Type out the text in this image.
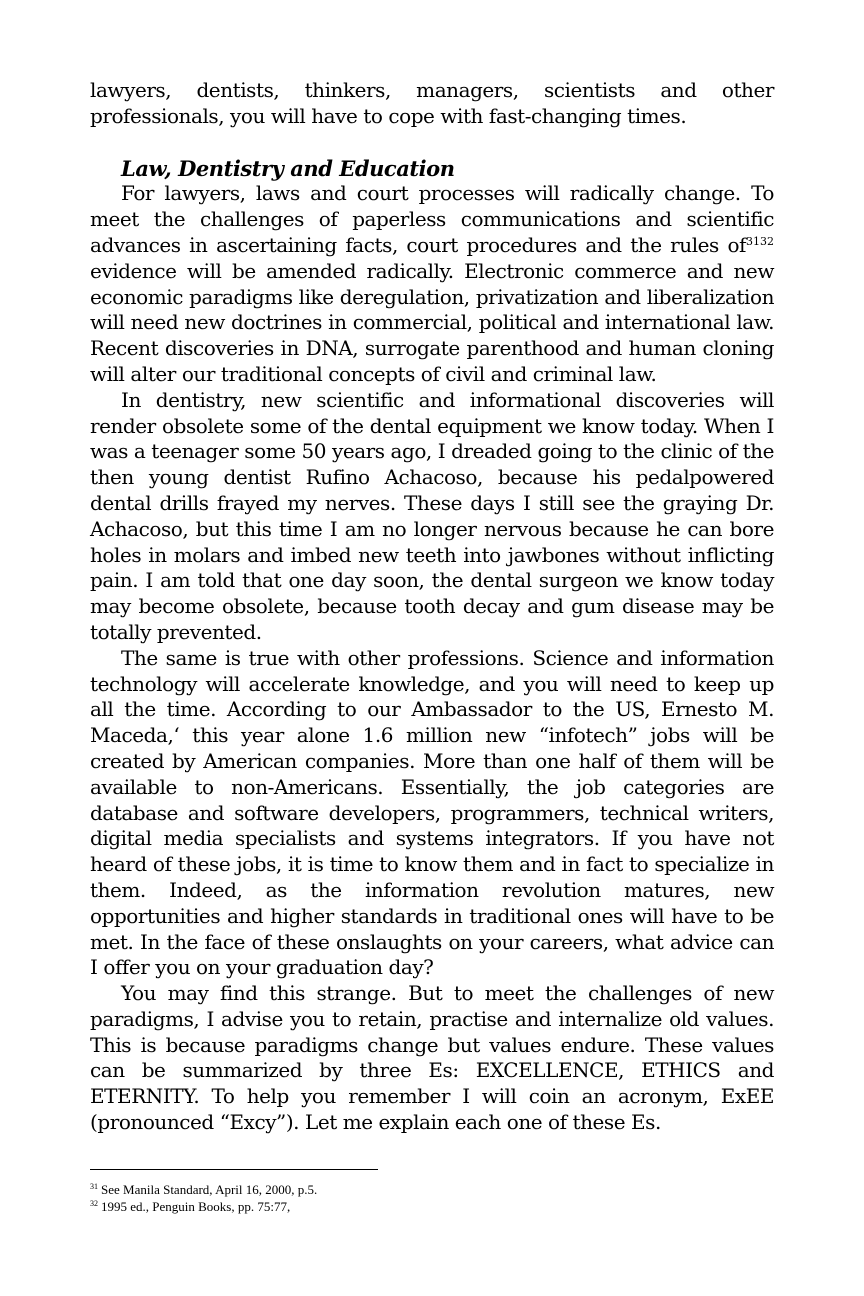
lawyers, dentists, thinkers, managers, scientists and other professionals, you will have to cope with fast-changing times.

Law, Dentistry and Education

For lawyers, laws and court processes will radically change. To meet the challenges of paperless communications and scientific advances in ascertaining facts, court procedures and the rules of$^{3132}$ evidence will be amended radically. Electronic commerce and new economic paradigms like deregulation, privatization and liberalization will need new doctrines in commercial, political and international law. Recent discoveries in DNA, surrogate parenthood and human cloning will alter our traditional concepts of civil and criminal law.

In dentistry, new scientific and informational discoveries will render obsolete some of the dental equipment we know today. When I was a teenager some 50 years ago, I dreaded going to the clinic of the then young dentist Rufino Achacoso, because his pedalpowered dental drills frayed my nerves. These days I still see the graying Dr. Achacoso, but this time I am no longer nervous because he can bore holes in molars and imbed new teeth into jawbones without inflicting pain. I am told that one day soon, the dental surgeon we know today may become obsolete, because tooth decay and gum disease may be totally prevented.

The same is true with other professions. Science and information technology will accelerate knowledge, and you will need to keep up all the time. According to our Ambassador to the US, Ernesto M. Maceda,‘ this year alone 1.6 million new “infotech” jobs will be created by American companies. More than one half of them will be available to non-Americans. Essentially, the job categories are database and software developers, programmers, technical writers, digital media specialists and systems integrators. If you have not heard of these jobs, it is time to know them and in fact to specialize in them. Indeed, as the information revolution matures, new opportunities and higher standards in traditional ones will have to be met. In the face of these onslaughts on your careers, what advice can I offer you on your graduation day?

You may find this strange. But to meet the challenges of new paradigms, I advise you to retain, practise and internalize old values. This is because paradigms change but values endure. These values can be summarized by three Es: EXCELLENCE, ETHICS and ETERNITY. To help you remember I will coin an acronym, ExEE (pronounced “Excy”). Let me explain each one of these Es.

$^{31}$ See Manila Standard, April 16, 2000, p.5.

$^{32}$ 1995 ed., Penguin Books, pp. 75:77,
